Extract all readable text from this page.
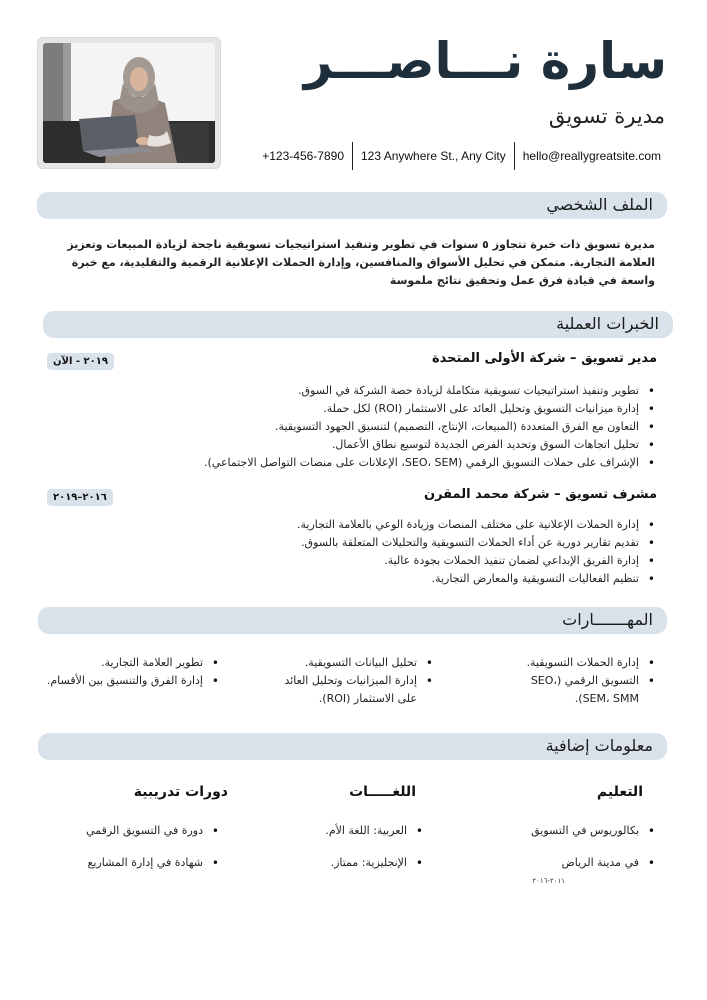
سارة نـــاصـــر
مديرة تسويق
+123-456-7890	123 Anywhere St., Any City	hello@reallygreatsite.com
الملف الشخصي
مديرة تسويق ذات خبرة تتجاوز ٥ سنوات في تطوير وتنفيذ استراتيجيات تسويقية ناجحة لزيادة المبيعات وتعزيز العلامة التجارية. متمكن في تحليل الأسواق والمنافسين، وإدارة الحملات الإعلانية الرقمية والتقليدية، مع خبرة واسعة في قيادة فرق عمل وتحقيق نتائج ملموسة
الخبرات العملية
مدير تسويق – شركة الأولى المتحدة
٢٠١٩ - الآن
• تطوير وتنفيذ استراتيجيات تسويقية متكاملة لزيادة حصة الشركة في السوق.
• إدارة ميزانيات التسويق وتحليل العائد على الاستثمار (ROI) لكل حملة.
• التعاون مع الفرق المتعددة (المبيعات، الإنتاج، التصميم) لتنسيق الجهود التسويقية.
• تحليل اتجاهات السوق وتحديد الفرص الجديدة لتوسيع نطاق الأعمال.
• الإشراف على حملات التسويق الرقمي (SEO، SEM، الإعلانات على منصات التواصل الاجتماعي).
مشرف تسويق – شركة محمد المقرن
٢٠١٦–٢٠١٩
• إدارة الحملات الإعلانية على مختلف المنصات وزيادة الوعي بالعلامة التجارية.
• تقديم تقارير دورية عن أداء الحملات التسويقية والتحليلات المتعلقة بالسوق.
• إدارة الفريق الإبداعي لضمان تنفيذ الحملات بجودة عالية.
• تنظيم الفعاليات التسويقية والمعارض التجارية.
المهـــــــارات
• إدارة الحملات التسويقية.
• التسويق الرقمي (SEO، SEM، SMM).
• تحليل البيانات التسويقية.
• إدارة الميزانيات وتحليل العائد على الاستثمار (ROI).
• تطوير العلامة التجارية.
• إدارة الفرق والتنسيق بين الأقسام.
معلومات إضافية
التعليم
• بكالوريوس في التسويق
• في مدينة الرياض
٢٠١١-٢٠١٦
اللغـــــات
• العربية: اللغة الأم.
• الإنجليزية: ممتاز.
دورات تدريبية
• دورة في التسويق الرقمي
• شهادة في إدارة المشاريع
